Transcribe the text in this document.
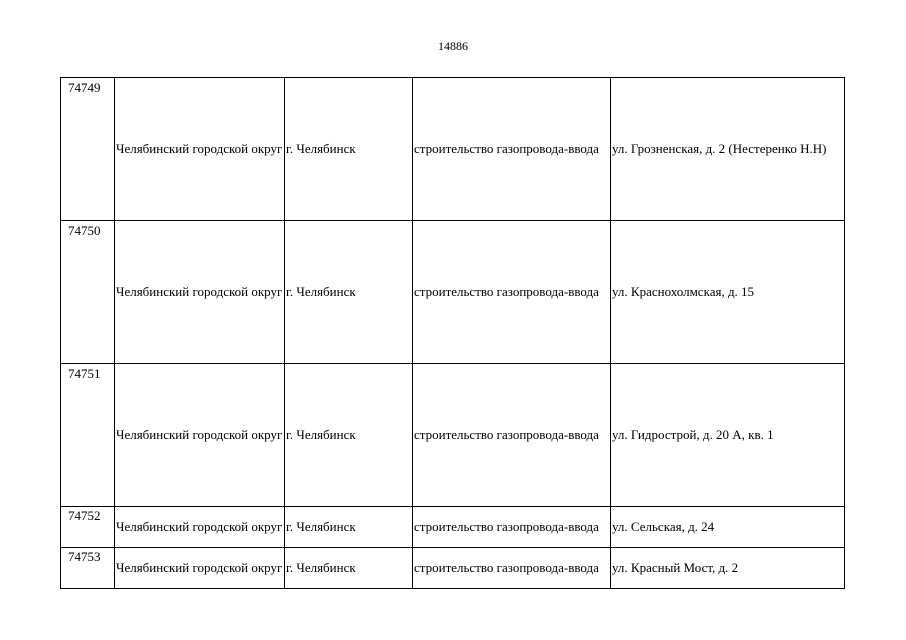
14886
74749	Челябинский городской округ	г. Челябинск	строительство газопровода-ввода	ул. Грозненская, д. 2 (Нестеренко Н.Н)
74750	Челябинский городской округ	г. Челябинск	строительство газопровода-ввода	ул. Краснохолмская, д. 15
74751	Челябинский городской округ	г. Челябинск	строительство газопровода-ввода	ул. Гидрострой, д. 20 А, кв. 1
74752	Челябинский городской округ	г. Челябинск	строительство газопровода-ввода	ул. Сельская, д. 24
74753	Челябинский городской округ	г. Челябинск	строительство газопровода-ввода	ул. Красный Мост, д. 2
